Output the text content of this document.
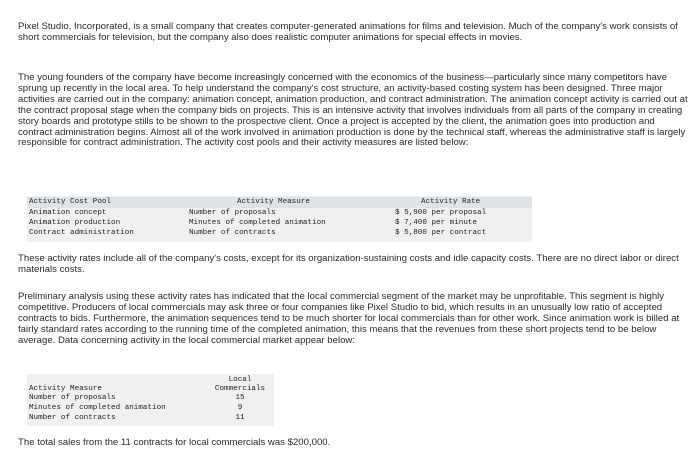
Pixel Studio, Incorporated, is a small company that creates computer-generated animations for films and television. Much of the company's work consists of short commercials for television, but the company also does realistic computer animations for special effects in movies.

The young founders of the company have become increasingly concerned with the economics of the business—particularly since many competitors have sprung up recently in the local area. To help understand the company's cost structure, an activity-based costing system has been designed. Three major activities are carried out in the company: animation concept, animation production, and contract administration. The animation concept activity is carried out at the contract proposal stage when the company bids on projects. This is an intensive activity that involves individuals from all parts of the company in creating story boards and prototype stills to be shown to the prospective client. Once a project is accepted by the client, the animation goes into production and contract administration begins. Almost all of the work involved in animation production is done by the technical staff, whereas the administrative staff is largely responsible for contract administration. The activity cost pools and their activity measures are listed below:

Activity Cost Pool	Activity Measure	Activity Rate
Animation concept	Number of proposals	$ 5,900 per proposal
Animation production	Minutes of completed animation	$ 7,400 per minute
Contract administration	Number of contracts	$ 5,800 per contract

These activity rates include all of the company's costs, except for its organization-sustaining costs and idle capacity costs. There are no direct labor or direct materials costs.

Preliminary analysis using these activity rates has indicated that the local commercial segment of the market may be unprofitable. This segment is highly competitive. Producers of local commercials may ask three or four companies like Pixel Studio to bid, which results in an unusually low ratio of accepted contracts to bids. Furthermore, the animation sequences tend to be much shorter for local commercials than for other work. Since animation work is billed at fairly standard rates according to the running time of the completed animation, this means that the revenues from these short projects tend to be below average. Data concerning activity in the local commercial market appear below:

Local
Activity Measure	Commercials
Number of proposals	15
Minutes of completed animation	9
Number of contracts	11

The total sales from the 11 contracts for local commercials was $200,000.
